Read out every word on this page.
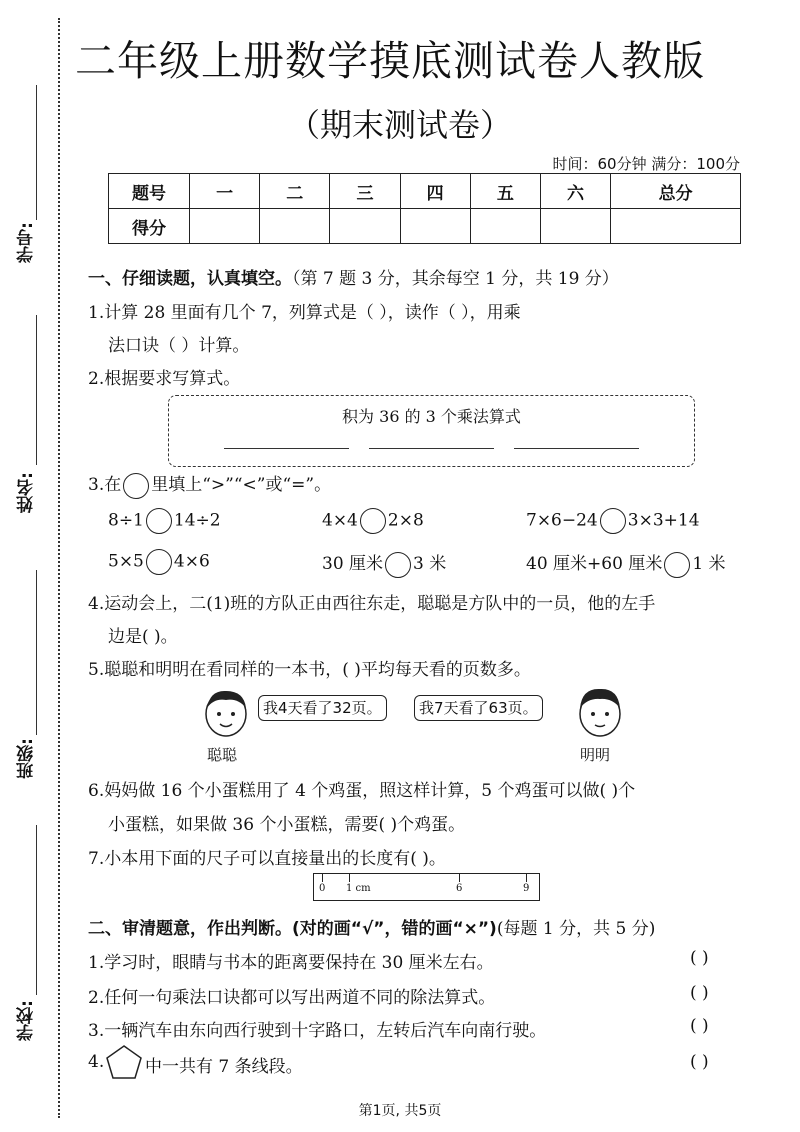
学号:
姓名:
班级:
学校:
二年级上册数学摸底测试卷人教版
（期末测试卷）
时间：60分钟 满分：100分
题号	一	二	三	四	五	六	总分
得分							
一、仔细读题，认真填空。（第 7 题 3 分，其余每空 1 分，共 19 分）
1.计算 28 里面有几个 7，列算式是（ ），读作（ ），用乘
法口诀（ ）计算。
2.根据要求写算式。
积为 36 的 3 个乘法算式
3.在 里填上“>”“<”或“=”。
8÷1 14÷2	4×4 2×8	7×6−24 3×3+14
5×5 4×6	30 厘米 3 米	40 厘米+60 厘米 1 米
4.运动会上，二(1)班的方队正由西往东走，聪聪是方队中的一员，他的左手
边是( )。
5.聪聪和明明在看同样的一本书，( )平均每天看的页数多。
我4天看了32页。	我7天看了63页。
聪聪	明明
6.妈妈做 16 个小蛋糕用了 4 个鸡蛋，照这样计算，5 个鸡蛋可以做( )个
小蛋糕，如果做 36 个小蛋糕，需要( )个鸡蛋。
7.小本用下面的尺子可以直接量出的长度有( )。
0 1 cm	6	9
二、审清题意，作出判断。(对的画“√”，错的画“×”)(每题 1 分，共 5 分)
1.学习时，眼睛与书本的距离要保持在 30 厘米左右。	( )
2.任何一句乘法口诀都可以写出两道不同的除法算式。	( )
3.一辆汽车由东向西行驶到十字路口，左转后汽车向南行驶。	( )
4. 中一共有 7 条线段。	( )
第1页, 共5页
